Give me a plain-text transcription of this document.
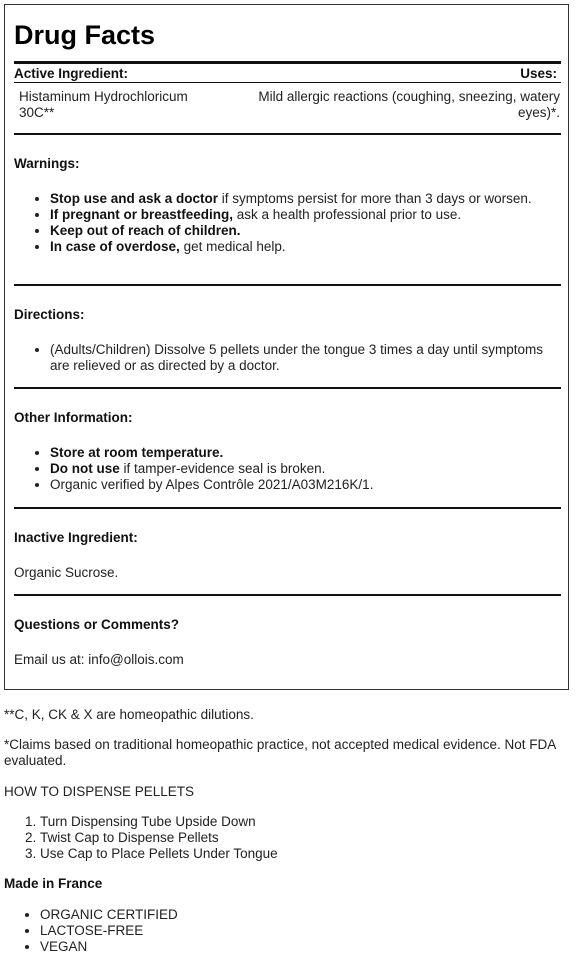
Drug Facts
Active Ingredient:	Uses:
Histaminum Hydrochloricum 30C**
Mild allergic reactions (coughing, sneezing, watery eyes)*.
Warnings:
• Stop use and ask a doctor if symptoms persist for more than 3 days or worsen.
• If pregnant or breastfeeding, ask a health professional prior to use.
• Keep out of reach of children.
• In case of overdose, get medical help.
Directions:
• (Adults/Children) Dissolve 5 pellets under the tongue 3 times a day until symptoms are relieved or as directed by a doctor.
Other Information:
• Store at room temperature.
• Do not use if tamper-evidence seal is broken.
• Organic verified by Alpes Contrôle 2021/A03M216K/1.
Inactive Ingredient:
Organic Sucrose.
Questions or Comments?
Email us at: info@ollois.com
**C, K, CK & X are homeopathic dilutions.
*Claims based on traditional homeopathic practice, not accepted medical evidence. Not FDA evaluated.
HOW TO DISPENSE PELLETS
1. Turn Dispensing Tube Upside Down
2. Twist Cap to Dispense Pellets
3. Use Cap to Place Pellets Under Tongue
Made in France
• ORGANIC CERTIFIED
• LACTOSE-FREE
• VEGAN
